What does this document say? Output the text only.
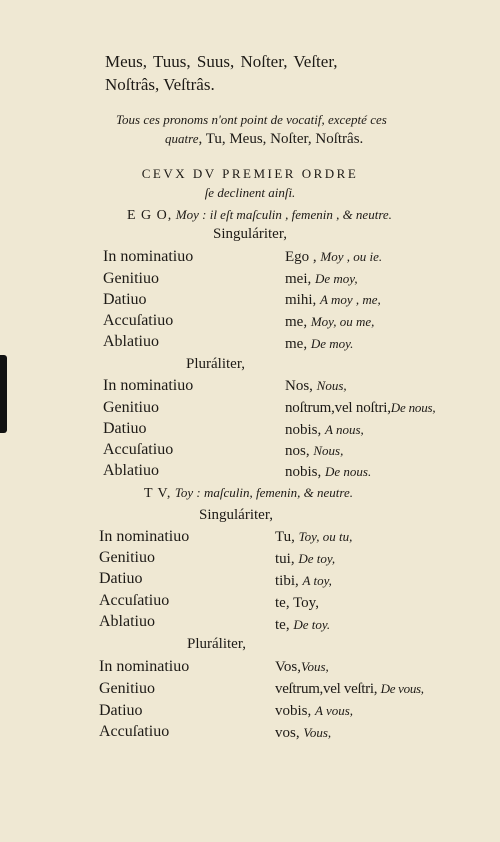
Meus, Tuus, Suus, Noſter, Veſter,
Noſtrâs, Veſtrâs.
Tous ces pronoms n'ont point de vocatif, excepté ces
quatre, Tu, Meus, Noſter, Noſtrâs.
CEVX DV PREMIER ORDRE
ſe declinent ainſi.
E G O, Moy : il eſt maſculin , femenin , & neutre.
Singuláriter,
In nominatiuo	Ego , Moy , ou ie.
Genitiuo	mei, De moy,
Datiuo	mihi, A moy , me,
Accuſatiuo	me, Moy, ou me,
Ablatiuo	me, De moy.
Pluráliter,
In nominatiuo	Nos, Nous,
Genitiuo	noſtrum,vel noſtri,De nous,
Datiuo	nobis, A nous,
Accuſatiuo	nos, Nous,
Ablatiuo	nobis, De nous.
T V, Toy : maſculin, femenin, & neutre.
Singuláriter,
In nominatiuo	Tu, Toy, ou tu,
Genitiuo	tui, De toy,
Datiuo	tibi, A toy,
Accuſatiuo	te, Toy,
Ablatiuo	te, De toy.
Pluráliter,
In nominatiuo	Vos,Vous,
Genitiuo	veſtrum,vel veſtri, De vous,
Datiuo	vobis, A vous,
Accuſatiuo	vos, Vous,
